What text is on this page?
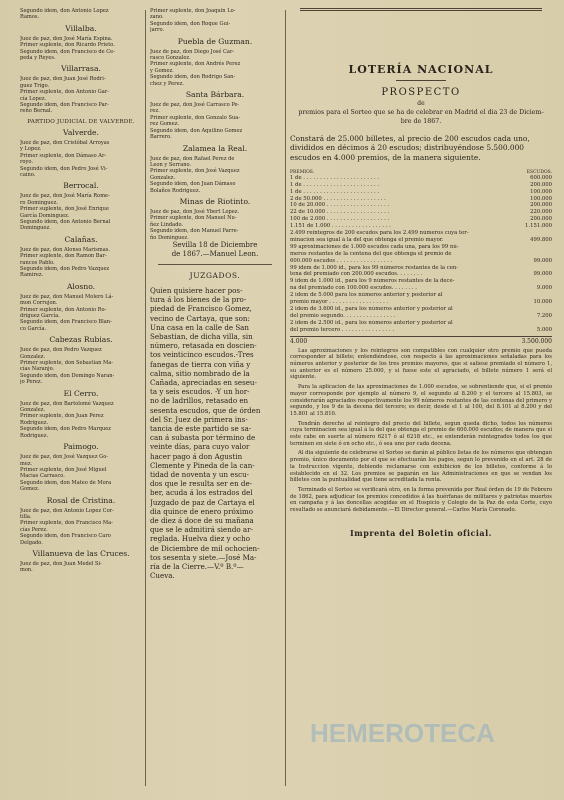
Segundo idem, don Antonio Lopez
Ramos.
Villalba.
Juez de paz, don José María Espina.
Primer suplente, don Ricardo Prieto.
Segundo idem, don Francisco de Ce-
peda y Reyes.
Villarrasa.
Juez de paz, don Juan José Rodri-
guez Trigo.
Primer suplente, don Antonio Gar-
cía Lopez.
Segundo idem, don Francisco Par-
reño Bernal.
PARTIDO JUDICIAL DE VALVERDE.
Valverde.
Juez de paz, don Cristóbal Arroyas
y Lopez.
Primer suplente, don Dámaso Ar-
royo.
Segundo idem, don Pedro José Vi-
caino.
Berrocal.
Juez de paz, don José María Rome-
ro Dominguez.
Primer suplente, don José Enrique
García Dominguez.
Segundo idem, don Antonio Bernal
Dominguez.
Calañas.
Juez de paz, don Alonso Marismas.
Primer suplente, don Ramon Bar-
rancos Pablo.
Segundo idem, don Pedro Vazquez
Ramirez.
Alosno.
Juez de paz, don Manuel Molero Lá-
mon Corrujon.
Primer suplente, don Antonio Ro-
driguez García.
Segundo idem, don Francisco Blan-
co García.
Cabezas Rubias.
Juez de paz, don Pedro Vazquez
Gonzalez.
Primer suplente, don Sebastian Ma-
cías Naranjo.
Segundo idem, don Domingo Naran-
jo Perez.
El Cerro.
Juez de paz, don Bartolomé Vazquez
Gonzalez.
Primer suplente, don Juan Perez
Rodriguez.
Segundo idem, don Pedro Marquez
Rodriguez.
Paimogo.
Juez de paz, don José Vazquez Go-
mez.
Primer suplente, don José Miguel
Macias Carrasco.
Segundo idem, don Mateo de Mora
Gomez.
Rosal de Cristina.
Juez de paz, don Antonio Lopez Cor-
tilla.
Primer suplente, don Francisco Ma-
cías Perez.
Segundo idem, don Francisco Caro
Delgado.
Villanueva de las Cruces.
Juez de paz, don Juan Medel Si-
mon.
Primer suplente, don Joaquin Lo-
zano.
Segundo idem, don Roque Gui-
jarro.
Puebla de Guzman.
Juez de paz, don Diego José Car-
rasco Gonzalez.
Primer suplente, don Andrés Perez
y Gomez.
Segundo idem, don Rodrigo San-
chez y Perez.
Santa Bárbara.
Juez de paz, don José Carrasco Pe-
rez.
Primer suplente, don Gonzalo Sua-
rez Gomez.
Segundo idem, don Aquilino Gomez
Barrero.
Zalamea la Real.
Juez de paz, don Rafael Perez de
Leon y Serrano.
Primer suplente, don José Vazquez
Gonzalez.
Segundo idem, don Juan Dámaso
Bolaños Rodriguez.
Minas de Riotinto.
Juez de paz, don José Ybert Lopez.
Primer suplente, don Manuel Nu-
ñez Lindado.
Segundo idem, don Manuel Parre-
ño Dominguez.
Sevilla 18 de Diciembre
de 1867.—Manuel Leon.
JUZGADOS.
Quien quisiere hacer pos-
tura á los bienes de la pro-
piedad de Francisco Gomez,
vecino de Cartaya, que son:
Una casa en la calle de San
Sebastian, de dicha villa, sin
número, retasada en doscien-
tos veinticinco escudos.-Tres
fanegas de tierra con viña y
calma, sitio nombrado de la
Cañada, apreciadas en seseu-
ta y seis escudos. -Y un hor-
no de ladrillos, retasado en
sesenta escudos, que de órden
del Sr. Juez de primera ins-
tancia de este partido se sa-
can á subasta por término de
veinte días, para cuyo valor
hacer pago á don Agustin
Clemente y Pineda de la can-
tidad de noventa y un escu-
dos que le resulta ser en de-
ber, acuda á los estrados del
Juzgado de paz de Cartaya el
dia quince de enero próximo
de diez á doce de su mañana
que se le admitirá siendo ar-
reglada. Huelva diez y ocho
de Diciembre de mil ochocien-
tos sesenta y siete.—José Ma-
ría de la Cierre.—V.º B.º—
Cueva.
LOTERÍA NACIONAL
PROSPECTO
de
premios para el Sorteo que se ha de celebrar en Madrid el dia 23 de Diciem-
bre de 1867.
Constará de 25.000 billetes, al precio de 200 escudos cada uno,
divididos en décimos á 20 escudos; distribuyéndose 5.500.000
escudos en 4.000 premios, de la manera siguiente.
PREMIOS.	ESCUDOS.
1 de . . . . . . . . . . . . . . . . . . . . . . .	600.000
1 de . . . . . . . . . . . . . . . . . . . . . . .	200.000
1 de . . . . . . . . . . . . . . . . . . . . . . .	100.000
2 de 50.000 . . . . . . . . . . . . . . . . . . .	100.000
10 de 20.000 . . . . . . . . . . . . . . . . . . .	200.000
22 de 10.000 . . . . . . . . . . . . . . . . . . .	220.000
100 de 2.000 . . . . . . . . . . . . . . . . . . .	200.000
1.151 de 1.000 . . . . . . . . . . . . . . . . . .	1.151.000
2.499 reintegros de 200 escudos para los 2.499 números cuya ter-
minacion sea igual á la del que obtenga el premio mayor.	499.800
99 aproximaciones de 1.000 escudos cada una, para los 99 nú-
meros restantes de la centena del que obtenga el premio de
600.000 escudos . . . . . . . . . . . . . . . . .	99.000
99 idem de 1.000 id., para los 99 números restantes de la cen-
tena del premiado con 200.000 escudos. . . . . . . .	99.000
9 idem de 1.000 id., para los 9 números restantes de la dece-
na del premiado con 100.000 escudos. . . . . . . .	9.000
2 idem de 5.000 para los números anterior y posterior al
premio mayor . . . . . . . . . . . . . . . . . .	10.000
2 idem de 3.600 id., para los números anterior y posterior al
del premio segundo. . . . . . . . . . . . . . . .	7.200
2 idem de 2.500 id., para los números anterior y posterior al
del premio tercero . . . . . . . . . . . . . . . .	5.000
4.000	3.500.000
Las aproximaciones y los reintegros son compatibles con cualquier otro premio que pueda corresponder al billete; entendiéndose, con respecto á las aproximaciones señaladas para los números anterior y posterior de los tres premios mayores, que si saliese premiado el número 1, su anterior es el número 25.000, y si fuese este el agraciado, el billete número 1 será el siguiente.
Para la aplicacion de las aproximaciones de 1.000 escudos, se sobrentiende que, si el premio mayor corresponde por ejemplo al número 9, el segundo al 8.200 y el tercero al 15.803, se considerarán agraciados respectivamente los 99 números restantes de las centenas del primero y segundo, y los 9 de la decena del tercero; es decir, desde el 1 al 100, del 8.101 al 8.200 y del 15.801 al 15.810.
Tendrán derecho al reintegro del precio del billete, segun queda dicho, todos los números cuya terminacion sea igual á la del que obtenga el premio de 600.000 escudos; de manera que si este cabe en suerte al número 6217 ó al 6218 etc., se entenderán reintegrados todos los que terminen en siete ó en ocho etc., ó sea uno por cada decena.
Al dia siguiente de celebrarse el Sorteo se darán al público listas de los números que obtengan premio, único documento por el que se efectuarán los pagos, segun lo prevenido en el art. 28 de la Instruccion vigente, debiendo reclamarse con exhibicion de los billetes, conforme á lo establecido en el 32. Los premios se pagarán en las Administraciones en que se vendan los billetes con la puntualidad que tiene acreditada la renta.
Terminado el Sorteo se verificará otro, en la forma prevenida por Real órden de 19 de Febrero de 1862, para adjudicar los premios concedidos á las huérfanas de militares y patriotas muertos en campaña y á las doncellas acogidas en el Hospicio y Colegio de la Paz de esta Corte, cuyo resultado se anunciará debidamente.—El Director general.—Carlos María Coronado.
Imprenta del Boletin oficial.
HEMEROTECA
